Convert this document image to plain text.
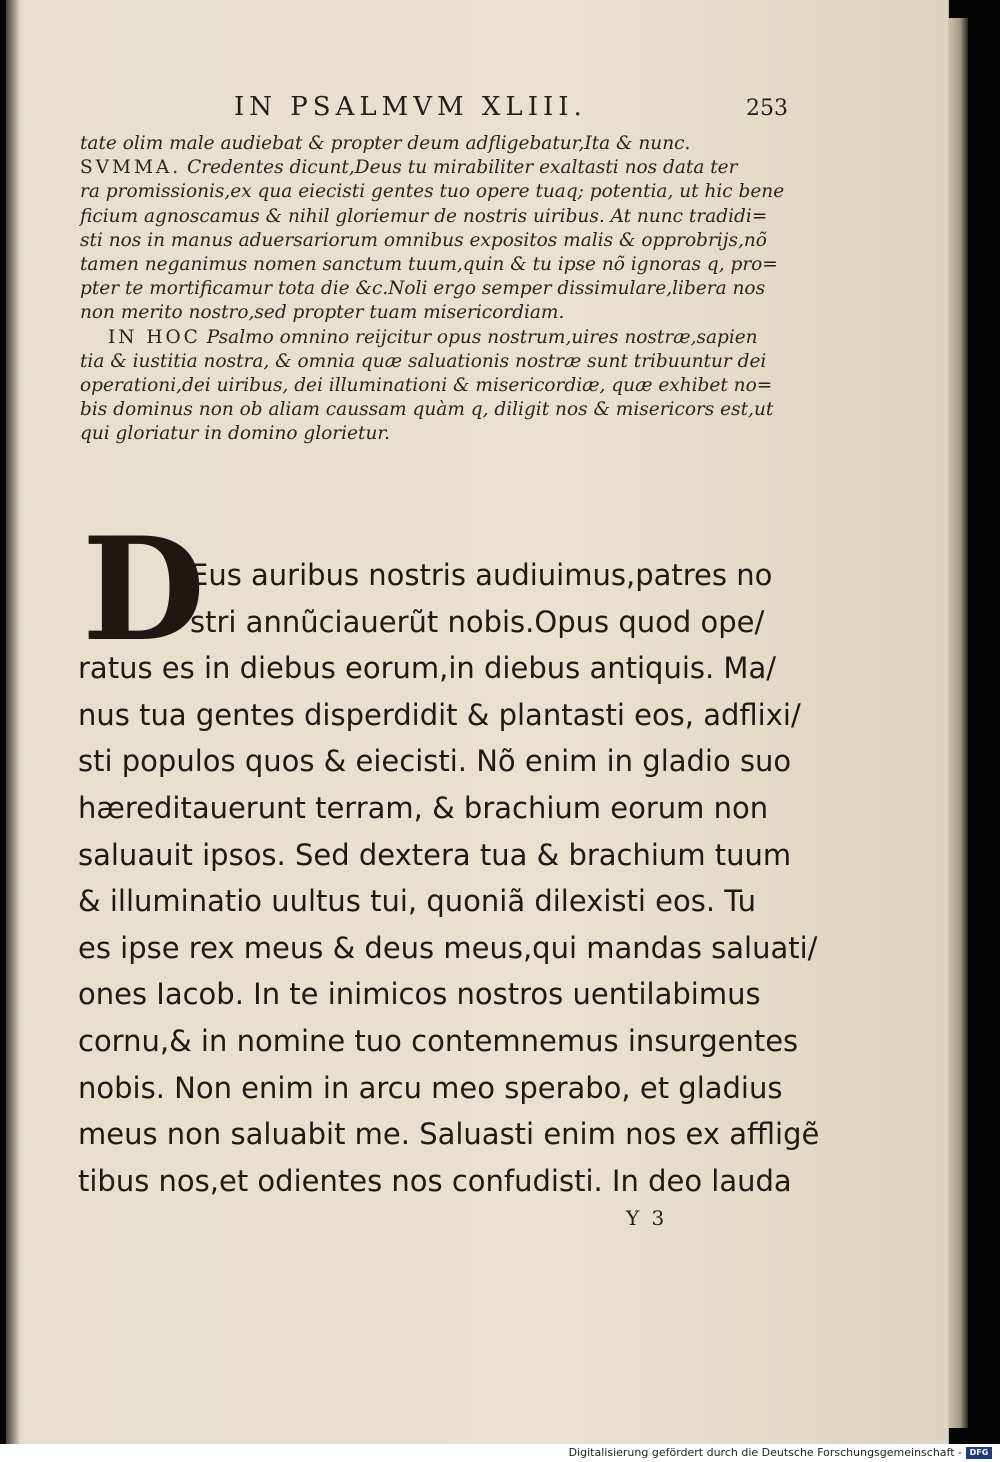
IN PSALMVM XLIII.	253
tate olim male audiebat & propter deum adfligebatur,Ita & nunc.
SVMMA. Credentes dicunt,Deus tu mirabiliter exaltasti nos data ter
ra promissionis,ex qua eiecisti gentes tuo opere tuaq; potentia, ut hic bene
ficium agnoscamus & nihil gloriemur de nostris uiribus. At nunc tradidi=
sti nos in manus aduersariorum omnibus expositos malis & opprobrijs,nõ
tamen neganimus nomen sanctum tuum,quin & tu ipse nõ ignoras q, pro=
pter te mortificamur tota die &c.Noli ergo semper dissimulare,libera nos
non merito nostro,sed propter tuam misericordiam.
IN HOC Psalmo omnino reijcitur opus nostrum,uires nostræ,sapien
tia & iustitia nostra, & omnia quæ saluationis nostræ sunt tribuuntur dei
operationi,dei uiribus, dei illuminationi & misericordiæ, quæ exhibet no=
bis dominus non ob aliam caussam quàm q, diligit nos & misericors est,ut
qui gloriatur in domino glorietur.
D
Eus auribus nostris audiuimus,patres no
stri annũciauerũt nobis.Opus quod ope/
ratus es in diebus eorum,in diebus antiquis. Ma/
nus tua gentes disperdidit & plantasti eos, adflixi/
sti populos quos & eiecisti. Nõ enim in gladio suo
hæreditauerunt terram, & brachium eorum non
saluauit ipsos. Sed dextera tua & brachium tuum
& illuminatio uultus tui, quoniã dilexisti eos. Tu
es ipse rex meus & deus meus,qui mandas saluati/
ones Iacob. In te inimicos nostros uentilabimus
cornu,& in nomine tuo contemnemus insurgentes
nobis. Non enim in arcu meo sperabo, et gladius
meus non saluabit me. Saluasti enim nos ex affligẽ
tibus nos,et odientes nos confudisti. In deo lauda
Y 3
Digitalisierung gefördert durch die Deutsche Forschungsgemeinschaft - DFG
